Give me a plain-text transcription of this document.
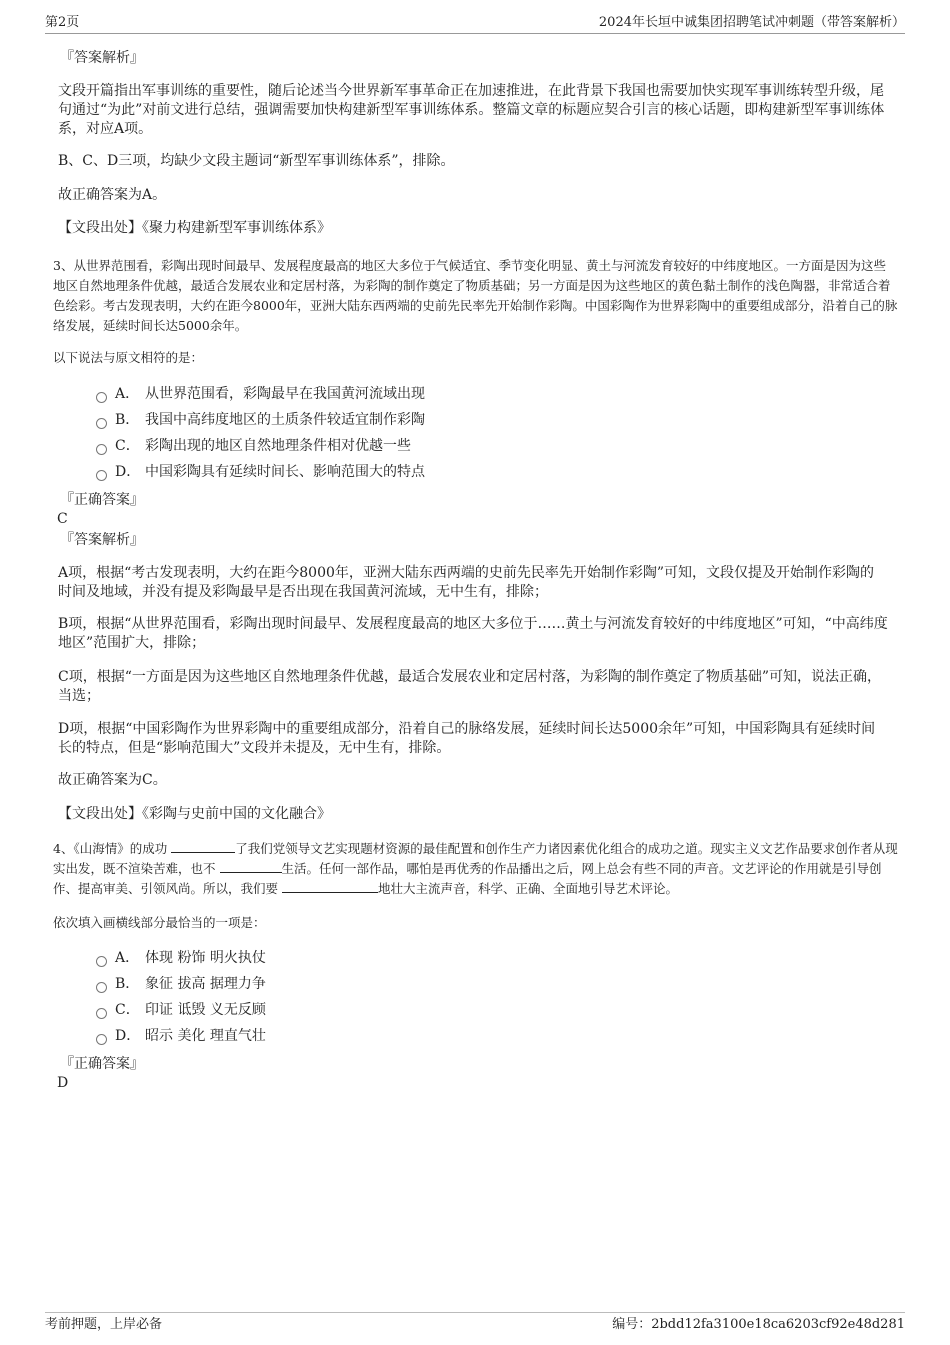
第2页	2024年长垣中诚集团招聘笔试冲刺题（带答案解析）
『答案解析』
文段开篇指出军事训练的重要性，随后论述当今世界新军事革命正在加速推进，在此背景下我国也需要加快实现军事训练转型升级，尾句通过“为此”对前文进行总结，强调需要加快构建新型军事训练体系。整篇文章的标题应契合引言的核心话题，即构建新型军事训练体系，对应A项。
B、C、D三项，均缺少文段主题词“新型军事训练体系”，排除。
故正确答案为A。
【文段出处】《聚力构建新型军事训练体系》
3、从世界范围看，彩陶出现时间最早、发展程度最高的地区大多位于气候适宜、季节变化明显、黄土与河流发育较好的中纬度地区。一方面是因为这些地区自然地理条件优越，最适合发展农业和定居村落，为彩陶的制作奠定了物质基础；另一方面是因为这些地区的黄色黏土制作的浅色陶器，非常适合着色绘彩。考古发现表明，大约在距今8000年，亚洲大陆东西两端的史前先民率先开始制作彩陶。中国彩陶作为世界彩陶中的重要组成部分，沿着自己的脉络发展，延续时间长达5000余年。
以下说法与原文相符的是：
A． 从世界范围看，彩陶最早在我国黄河流域出现
B． 我国中高纬度地区的土质条件较适宜制作彩陶
C． 彩陶出现的地区自然地理条件相对优越一些
D． 中国彩陶具有延续时间长、影响范围大的特点
『正确答案』
C
『答案解析』
A项，根据“考古发现表明，大约在距今8000年，亚洲大陆东西两端的史前先民率先开始制作彩陶”可知，文段仅提及开始制作彩陶的时间及地域，并没有提及彩陶最早是否出现在我国黄河流域，无中生有，排除；
B项，根据“从世界范围看，彩陶出现时间最早、发展程度最高的地区大多位于……黄土与河流发育较好的中纬度地区”可知，“中高纬度地区”范围扩大，排除；
C项，根据“一方面是因为这些地区自然地理条件优越，最适合发展农业和定居村落，为彩陶的制作奠定了物质基础”可知，说法正确，当选；
D项，根据“中国彩陶作为世界彩陶中的重要组成部分，沿着自己的脉络发展，延续时间长达5000余年”可知，中国彩陶具有延续时间长的特点，但是“影响范围大”文段并未提及，无中生有，排除。
故正确答案为C。
【文段出处】《彩陶与史前中国的文化融合》
4、《山海情》的成功	了我们党领导文艺实现题材资源的最佳配置和创作生产力诸因素优化组合的成功之道。现实主义文艺作品要求创作者从现实出发，既不渲染苦难，也不	生活。任何一部作品，哪怕是再优秀的作品播出之后，网上总会有些不同的声音。文艺评论的作用就是引导创作、提高审美、引领风尚。所以，我们要	地壮大主流声音，科学、正确、全面地引导艺术评论。
依次填入画横线部分最恰当的一项是：
A． 体现 粉饰 明火执仗
B． 象征 拔高 据理力争
C． 印证 诋毁 义无反顾
D． 昭示 美化 理直气壮
『正确答案』
D
考前押题，上岸必备	编号：2bdd12fa3100e18ca6203cf92e48d281
